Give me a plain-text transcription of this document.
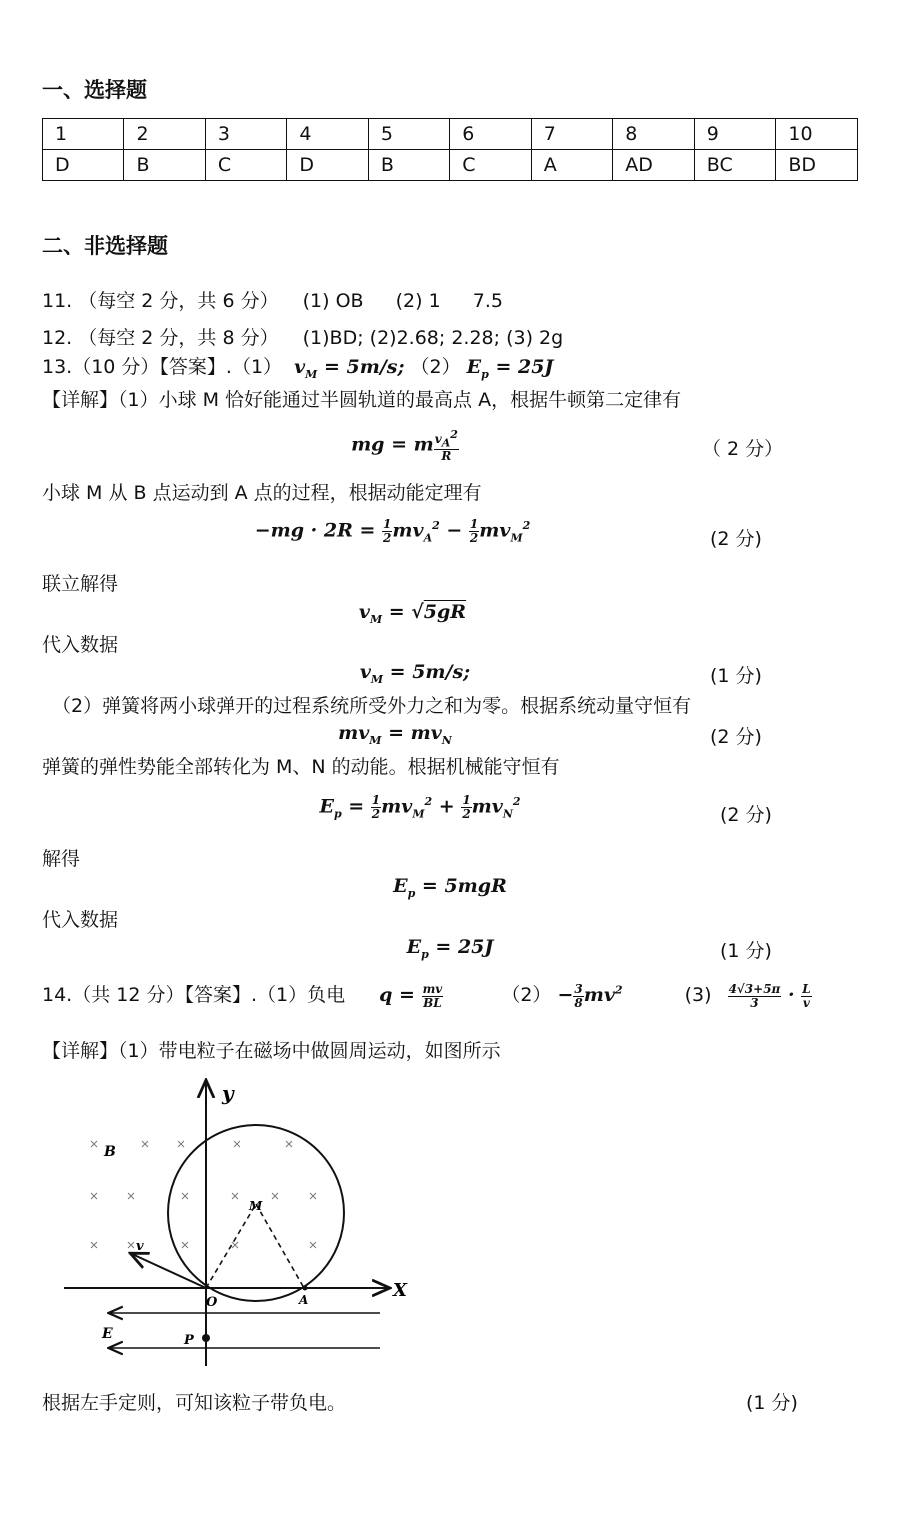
一、选择题
1	2	3	4	5	6	7	8	9	10
D	B	C	D	B	C	A	AD	BC	BD
二、非选择题
11. （每空 2 分，共 6 分） (1) OB (2) 1 7.5
12. （每空 2 分，共 8 分） (1)BD; (2)2.68; 2.28; (3) 2g
13.（10 分）【答案】.（1） $v_M = 5m/s$; （2） $E_p = 25J$
【详解】（1）小球 M 恰好能通过半圆轨道的最高点 A，根据牛顿第二定律有
mg = m $\frac{v_A^2}{R}$	（ 2 分）
小球 M 从 B 点运动到 A 点的过程，根据动能定理有
$-mg \cdot 2R = \frac{1}{2} mv_A^2 - \frac{1}{2} mv_M^2$
(2 分)
联立解得
$v_M = √5gR$
代入数据
$v_M = 5m/s$;	(1 分)
（2）弹簧将两小球弹开的过程系统所受外力之和为零。根据系统动量守恒有
$mv_M = mv_N$	(2 分)
弹簧的弹性势能全部转化为 M、N 的动能。根据机械能守恒有
$E_p = \frac{1}{2} mv_M^2 + \frac{1}{2} mv_N^2$
(2 分)
解得
$E_p = 5mgR$
代入数据
$E_p = 25J$	(1 分)
14.（共 12 分）【答案】.（1）负电 $q = \frac{mv}{BL}$	$(2) - \frac{3}{8} mv^2$	$(3) \frac{4√3+5\pi}{3} \cdot \frac{L}{v}$
【详解】（1）带电粒子在磁场中做圆周运动，如图所示
y
X
B
v
M
O	A
E	P
根据左手定则，可知该粒子带负电。	(1 分)
